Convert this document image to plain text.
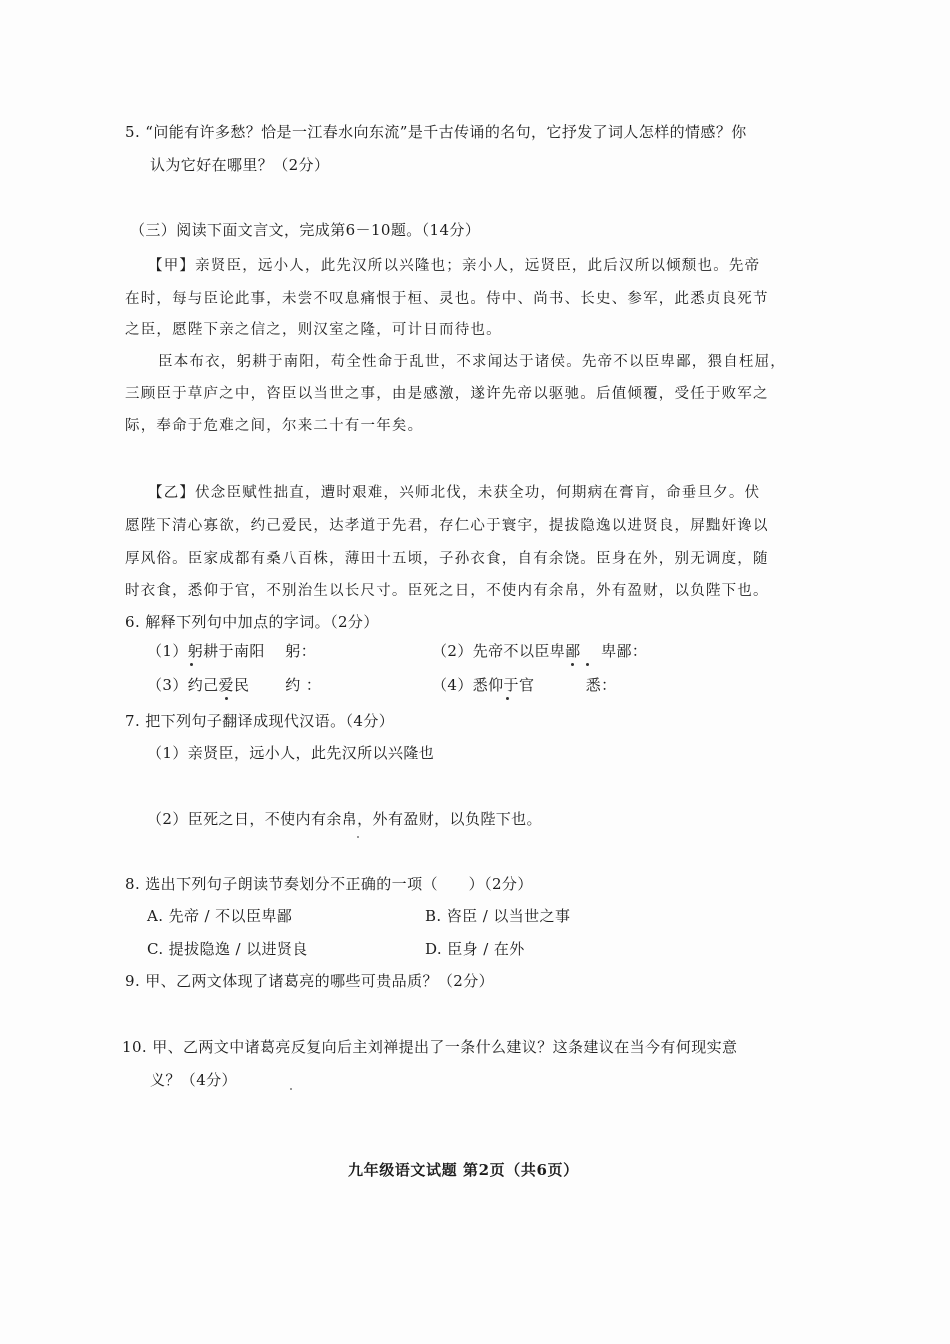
5. “问能有许多愁？恰是一江春水向东流”是千古传诵的名句，它抒发了词人怎样的情感？你
认为它好在哪里？（2分）
（三）阅读下面文言文，完成第6－10题。（14分）
【甲】亲贤臣，远小人，此先汉所以兴隆也；亲小人，远贤臣，此后汉所以倾颓也。先帝
在时，每与臣论此事，未尝不叹息痛恨于桓、灵也。侍中、尚书、长史、参军，此悉贞良死节
之臣，愿陛下亲之信之，则汉室之隆，可计日而待也。
臣本布衣，躬耕于南阳，苟全性命于乱世，不求闻达于诸侯。先帝不以臣卑鄙，猥自枉屈，
三顾臣于草庐之中，咨臣以当世之事，由是感激，遂许先帝以驱驰。后值倾覆，受任于败军之
际，奉命于危难之间，尔来二十有一年矣。
【乙】伏念臣赋性拙直，遭时艰难，兴师北伐，未获全功，何期病在膏肓，命垂旦夕。伏
愿陛下清心寡欲，约己爱民，达孝道于先君，存仁心于寰宇，提拔隐逸以进贤良，屏黜奸谗以
厚风俗。臣家成都有桑八百株，薄田十五顷，子孙衣食，自有余饶。臣身在外，别无调度，随
时衣食，悉仰于官，不别治生以长尺寸。臣死之日，不使内有余帛，外有盈财，以负陛下也。
6. 解释下列句中加点的字词。（2分）
（1）躬耕于南阳　 躬：	（2）先帝不以臣卑鄙　 卑鄙：
（3）约己爱民　　 约 ：	（4）悉仰于官　　　 悉：
7. 把下列句子翻译成现代汉语。（4分）
（1）亲贤臣，远小人，此先汉所以兴隆也
（2）臣死之日，不使内有余帛，外有盈财，以负陛下也。
8. 选出下列句子朗读节奏划分不正确的一项（　　）（2分）
A. 先帝 / 不以臣卑鄙	B. 咨臣 / 以当世之事
C. 提拔隐逸 / 以进贤良	D. 臣身 / 在外
9. 甲、乙两文体现了诸葛亮的哪些可贵品质？（2分）
10. 甲、乙两文中诸葛亮反复向后主刘禅提出了一条什么建议？这条建议在当今有何现实意
义？（4分）
九年级语文试题 第2页（共6页）
